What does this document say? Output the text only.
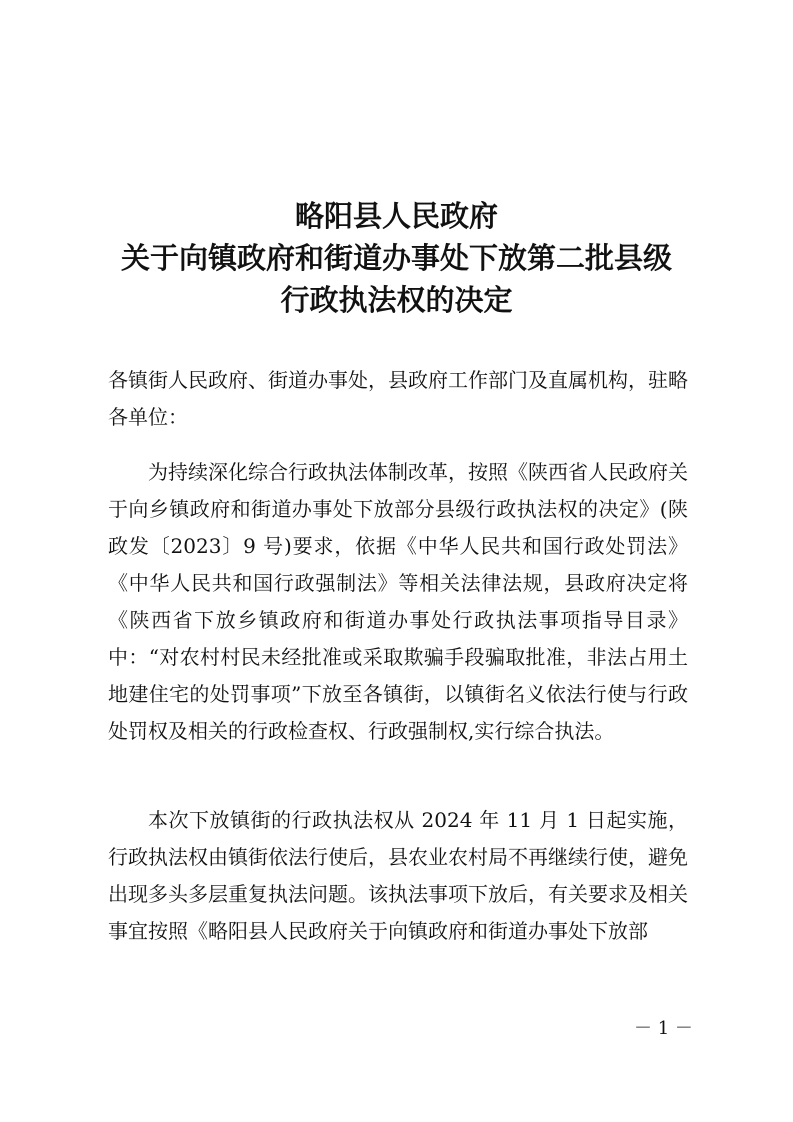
略阳县人民政府
关于向镇政府和街道办事处下放第二批县级
行政执法权的决定
各镇街人民政府、街道办事处，县政府工作部门及直属机构，驻略各单位：
为持续深化综合行政执法体制改革，按照《陕西省人民政府关于向乡镇政府和街道办事处下放部分县级行政执法权的决定》(陕政发〔2023〕9 号)要求，依据《中华人民共和国行政处罚法》《中华人民共和国行政强制法》等相关法律法规，县政府决定将《陕西省下放乡镇政府和街道办事处行政执法事项指导目录》中：“对农村村民未经批准或采取欺骗手段骗取批准，非法占用土地建住宅的处罚事项”下放至各镇街，以镇街名义依法行使与行政处罚权及相关的行政检查权、行政强制权,实行综合执法。
本次下放镇街的行政执法权从 2024 年 11 月 1 日起实施，行政执法权由镇街依法行使后，县农业农村局不再继续行使，避免出现多头多层重复执法问题。该执法事项下放后，有关要求及相关事宜按照《略阳县人民政府关于向镇政府和街道办事处下放部
－ 1 －
